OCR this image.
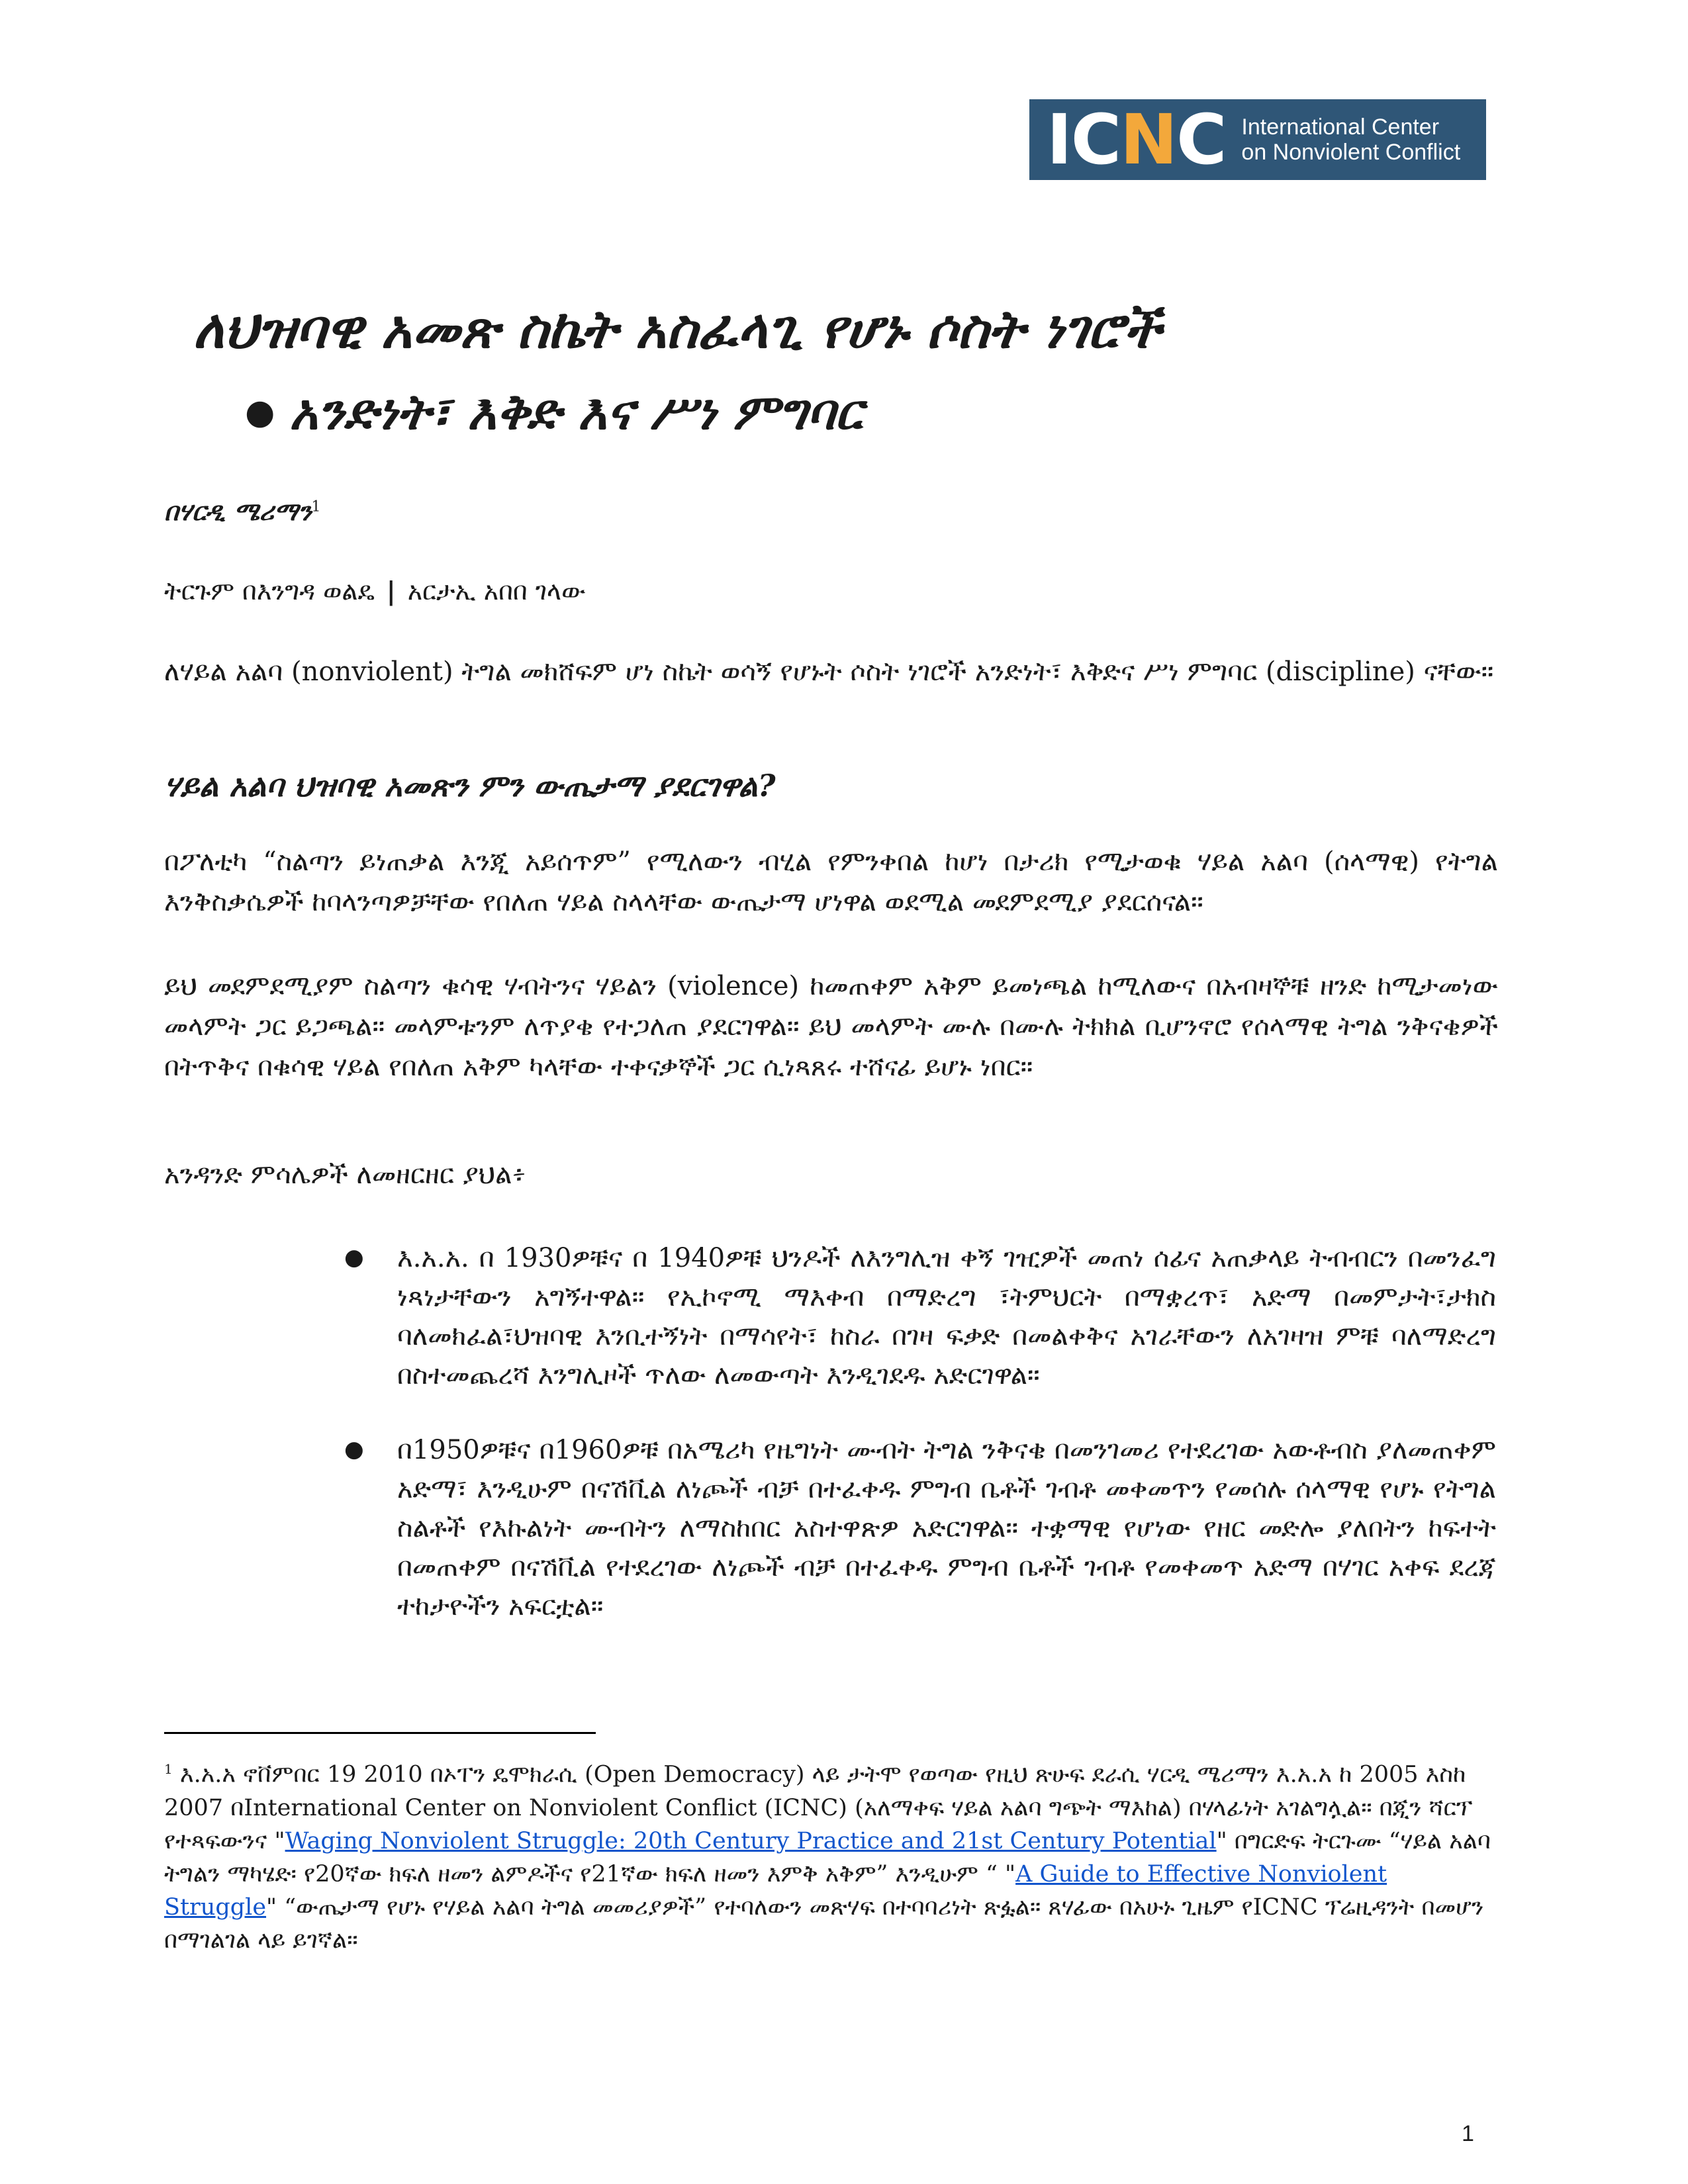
ICNC International Center
on Nonviolent Conflict
ለህዝባዊ አመጽ ስኬት አስፈላጊ የሆኑ ሶስት ነገሮች
● አንድነት፣ እቅድ እና ሥነ ምግባር
በሃርዲ ሜሪማን$^1$
ትርጉም በእንግዳ ወልዴ | አርታኢ አበበ ገላው

ለሃይል አልባ (nonviolent) ትግል መክሸፍም ሆነ ስኬት ወሳኝ የሆኑት ሶስት ነገሮች አንድነት፣ እቅድና ሥነ ምግባር (discipline) ናቸው።

ሃይል አልባ ህዝባዊ አመጽን ምን ውጤታማ ያደርገዋል?

በፖለቲካ “ስልጣን ይነጠቃል እንጂ አይሰጥም” የሚለውን ብሂል የምንቀበል ከሆነ በታሪክ የሚታወቁ ሃይል አልባ (ሰላማዊ) የትግል እንቅስቃሴዎች ከባላንጣዎቻቸው የበለጠ ሃይል ስላላቸው ውጤታማ ሆነዋል ወደሚል መደምደሚያ ያደርሰናል።

ይህ መደምደሚያም ስልጣን ቁሳዊ ሃብትንና ሃይልን (violence) ከመጠቀም አቅም ይመነጫል ከሚለውና በአብዛኞቹ ዘንድ ከሚታመነው መላምት ጋር ይጋጫል። መላምቱንም ለጥያቄ የተጋለጠ ያደርገዋል። ይህ መላምት ሙሉ በሙሉ ትክክል ቢሆንኖሮ የሰላማዊ ትግል ንቅናቄዎች በትጥቅና በቁሳዊ ሃይል የበለጠ አቅም ካላቸው ተቀናቃኞች ጋር ሲነጻጸሩ ተሸናፊ ይሆኑ ነበር።

አንዳንድ ምሳሌዎች ለመዘርዘር ያህል፥

● እ.አ.አ. በ 1930ዎቹና በ 1940ዎቹ ህንዶች ለእንግሊዝ ቀኝ ገዢዎች መጠነ ሰፊና አጠቃላይ ትብብርን በመንፈግ ነጻነታቸውን አግኝተዋል። የኢኮኖሚ ማእቀብ በማድረግ ፣ትምህርት በማቋረጥ፣ አድማ በመምታት፣ታክስ ባለመክፈል፣ህዝባዊ እንቢተኝነት በማሳየት፣ ከስራ በገዛ ፍቃድ በመልቀቅና አገራቸውን ለአገዛዝ ምቹ ባለማድረግ በስተመጨረሻ እንግሊዞች ጥለው ለመውጣት እንዲገደዱ አድርገዋል።
● በ1950ዎቹና በ1960ዎቹ በአሜሪካ የዜግነት ሙብት ትግል ንቅናቄ በመንገመሪ የተደረገው አውቶብስ ያለመጠቀም አድማ፣ እንዲሁም በናሽቪል ለነጮች ብቻ በተፈቀዱ ምግብ ቤቶች ገብቶ መቀመጥን የመሰሉ ሰላማዊ የሆኑ የትግል ስልቶች የእኩልነት ሙብትን ለማስከበር አስተዋጽዎ አድርገዋል። ተቋማዊ የሆነው የዘር መድሎ ያለበትን ከፍተት በመጠቀም በናሽቪል የተደረገው ለነጮች ብቻ በተፈቀዱ ምግብ ቤቶች ገብቶ የመቀመጥ አድማ በሃገር አቀፍ ደረጃ ተከታዮችን አፍርቷል።

$^1$ እ.አ.አ ኖቨምበር 19 2010 በኦፐን ዴሞክራሲ (Open Democracy) ላይ ታትሞ የወጣው የዚህ ጽሁፍ ደራሲ ሃርዲ ሜሪማን እ.አ.አ ከ 2005 እስከ 2007 በInternational Center on Nonviolent Conflict (ICNC) (አለማቀፍ ሃይል አልባ ግጭት ማእከል) በሃላፊነት አገልግሏል። በጂን ሻርፕ የተጻፍውንና "Waging Nonviolent Struggle: 20th Century Practice and 21st Century Potential" በግርድፍ ትርጉሙ “ሃይል አልባ ትግልን ማካሄድ፡ የ20ኛው ክፍለ ዘመን ልምዶችና የ21ኛው ክፍለ ዘመን እምቅ አቅም” እንዲሁም “ "A Guide to Effective Nonviolent Struggle" “ውጤታማ የሆኑ የሃይል አልባ ትግል መመሪያዎች” የተባለውን መጽሃፍ በተባባሪነት ጽፏል። ጸሃፊው በአሁኑ ጊዜም የICNC ፕሬዚዳንት በመሆን በማገልገል ላይ ይገኛል።

1
